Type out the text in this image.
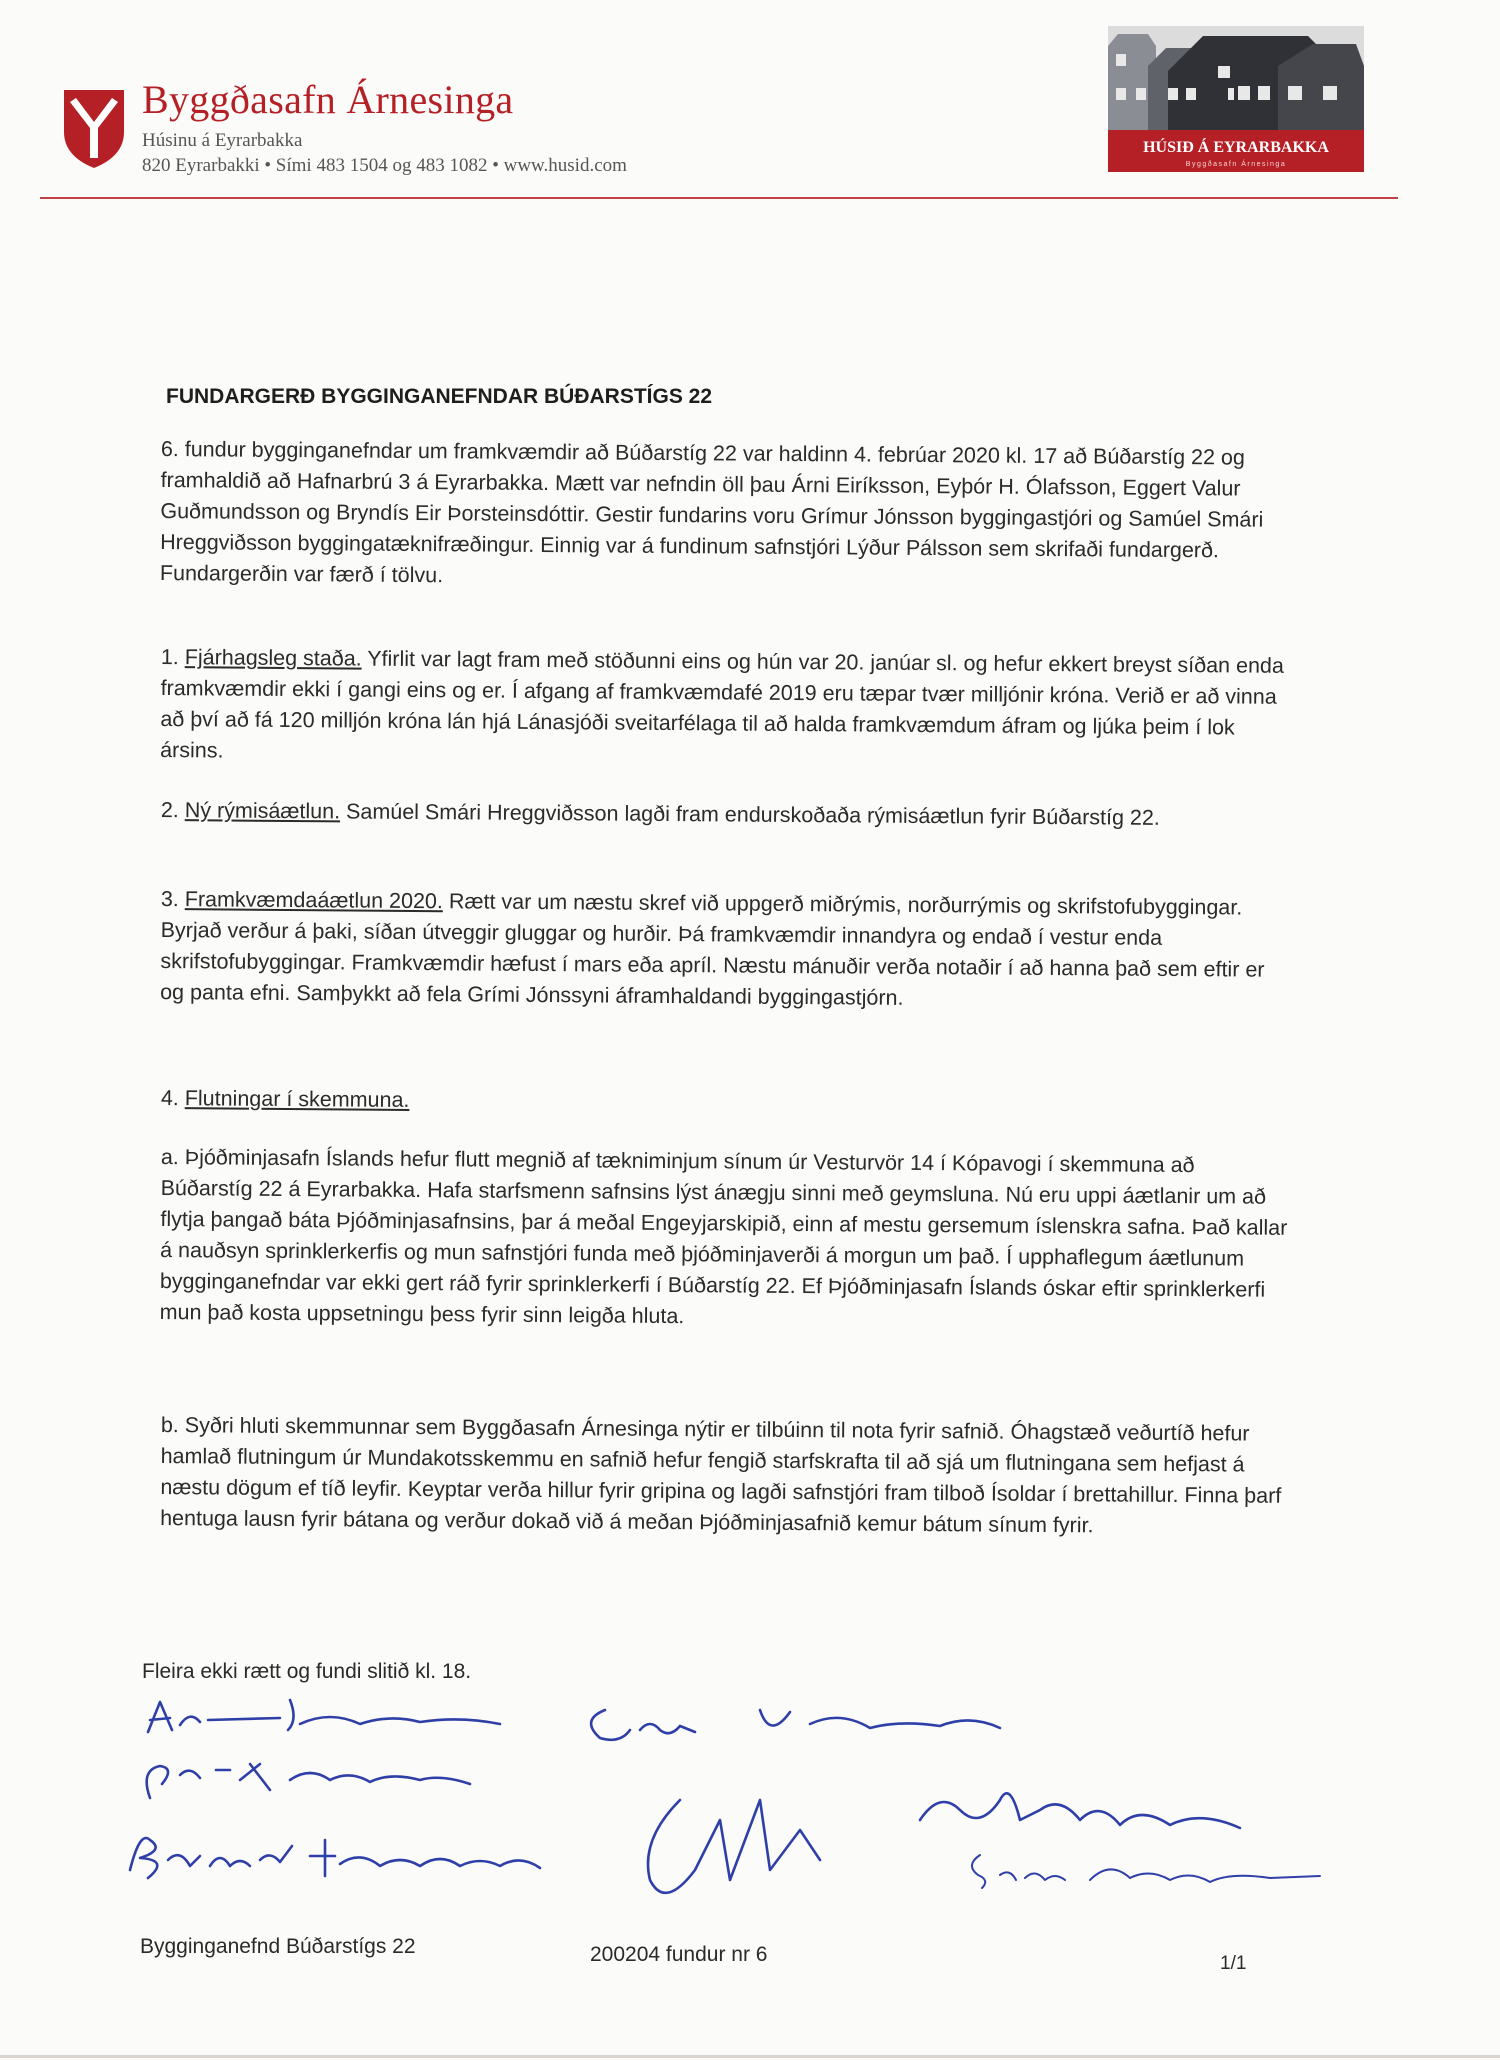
Byggðasafn Árnesinga
Húsinu á Eyrarbakka
820 Eyrarbakki • Sími 483 1504 og 483 1082 • www.husid.com
HÚSIÐ Á EYRARBAKKA
Byggðasafn Árnesinga
FUNDARGERÐ BYGGINGANEFNDAR BÚÐARSTÍGS 22

6. fundur bygginganefndar um framkvæmdir að Búðarstíg 22 var haldinn 4. febrúar 2020 kl. 17 að Búðarstíg 22 og framhaldið að Hafnarbrú 3 á Eyrarbakka. Mætt var nefndin öll þau Árni Eiríksson, Eyþór H. Ólafsson, Eggert Valur Guðmundsson og Bryndís Eir Þorsteinsdóttir. Gestir fundarins voru Grímur Jónsson byggingastjóri og Samúel Smári Hreggviðsson byggingatæknifræðingur. Einnig var á fundinum safnstjóri Lýður Pálsson sem skrifaði fundargerð. Fundargerðin var færð í tölvu.

1. Fjárhagsleg staða. Yfirlit var lagt fram með stöðunni eins og hún var 20. janúar sl. og hefur ekkert breyst síðan enda framkvæmdir ekki í gangi eins og er. Í afgang af framkvæmdafé 2019 eru tæpar tvær milljónir króna. Verið er að vinna að því að fá 120 milljón króna lán hjá Lánasjóði sveitarfélaga til að halda framkvæmdum áfram og ljúka þeim í lok ársins.

2. Ný rýmisáætlun. Samúel Smári Hreggviðsson lagði fram endurskoðaða rýmisáætlun fyrir Búðarstíg 22.

3. Framkvæmdaáætlun 2020. Rætt var um næstu skref við uppgerð miðrýmis, norðurrýmis og skrifstofubyggingar. Byrjað verður á þaki, síðan útveggir gluggar og hurðir. Þá framkvæmdir innandyra og endað í vestur enda skrifstofubyggingar. Framkvæmdir hæfust í mars eða apríl. Næstu mánuðir verða notaðir í að hanna það sem eftir er og panta efni. Samþykkt að fela Grími Jónssyni áframhaldandi byggingastjórn.

4. Flutningar í skemmuna.

a. Þjóðminjasafn Íslands hefur flutt megnið af tækniminjum sínum úr Vesturvör 14 í Kópavogi í skemmuna að Búðarstíg 22 á Eyrarbakka. Hafa starfsmenn safnsins lýst ánægju sinni með geymsluna. Nú eru uppi áætlanir um að flytja þangað báta Þjóðminjasafnsins, þar á meðal Engeyjarskipið, einn af mestu gersemum íslenskra safna. Það kallar á nauðsyn sprinklerkerfis og mun safnstjóri funda með þjóðminjaverði á morgun um það. Í upphaflegum áætlunum bygginganefndar var ekki gert ráð fyrir sprinklerkerfi í Búðarstíg 22. Ef Þjóðminjasafn Íslands óskar eftir sprinklerkerfi mun það kosta uppsetningu þess fyrir sinn leigða hluta.

b. Syðri hluti skemmunnar sem Byggðasafn Árnesinga nýtir er tilbúinn til nota fyrir safnið. Óhagstæð veðurtíð hefur hamlað flutningum úr Mundakotsskemmu en safnið hefur fengið starfskrafta til að sjá um flutningana sem hefjast á næstu dögum ef tíð leyfir. Keyptar verða hillur fyrir gripina og lagði safnstjóri fram tilboð Ísoldar í brettahillur. Finna þarf hentuga lausn fyrir bátana og verður dokað við á meðan Þjóðminjasafnið kemur bátum sínum fyrir.

Fleira ekki rætt og fundi slitið kl. 18.
Bygginganefnd Búðarstígs 22	200204 fundur nr 6	1/1
